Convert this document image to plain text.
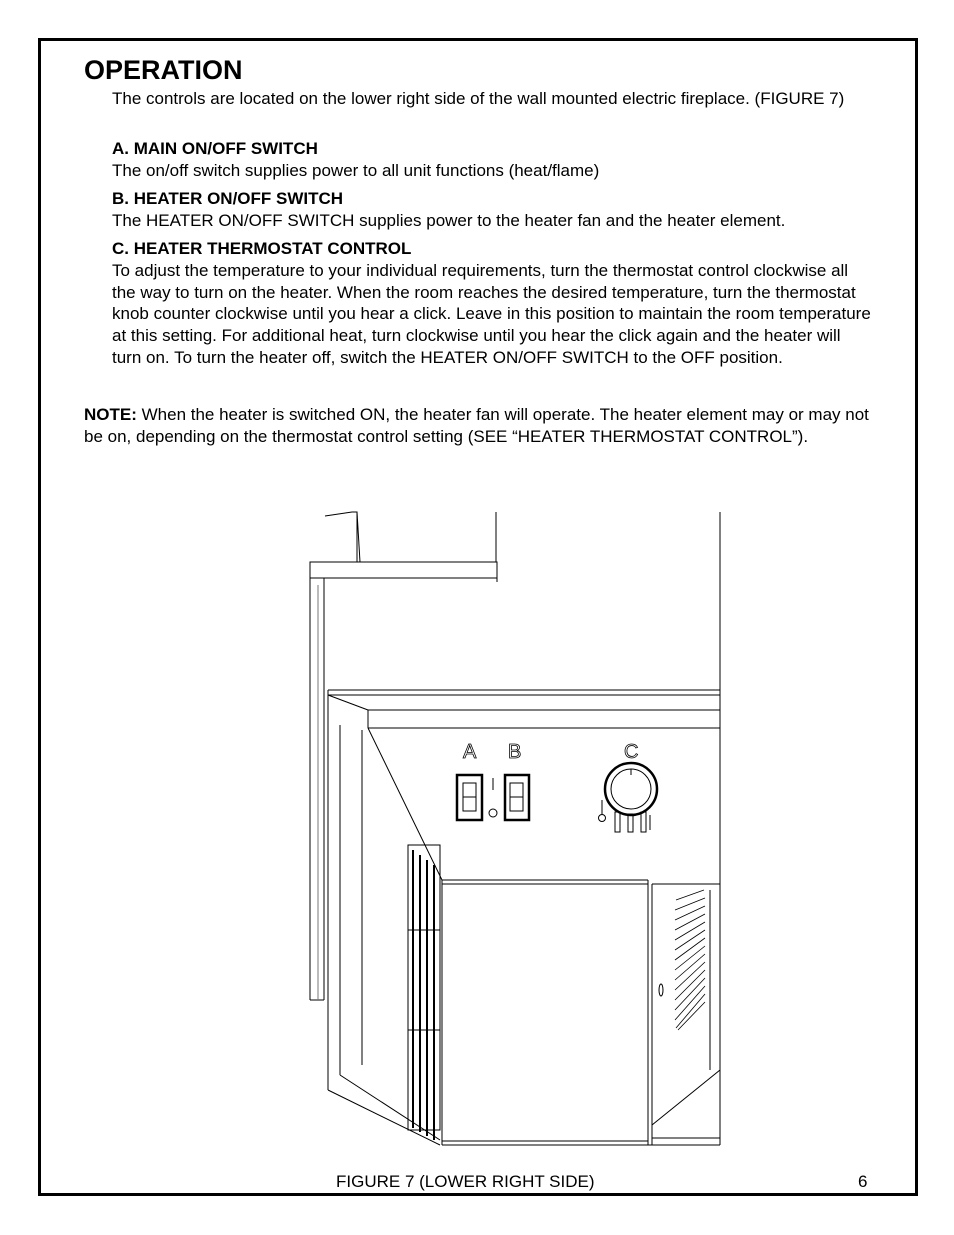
OPERATION

The controls are located on the lower right side of the wall mounted electric fireplace. (FIGURE 7)

A. MAIN ON/OFF SWITCH

The on/off switch supplies power to all unit functions (heat/flame)

B. HEATER ON/OFF SWITCH

The HEATER ON/OFF SWITCH supplies power to the heater fan and the heater element.

C. HEATER THERMOSTAT CONTROL

To adjust the temperature to your individual requirements, turn the thermostat control clockwise all the way to turn on the heater. When the room reaches the desired temperature, turn the thermostat knob counter clockwise until you hear a click. Leave in this position to maintain the room temperature at this setting. For additional heat, turn clockwise until you hear the click again and the heater will turn on. To turn the heater off, switch the HEATER ON/OFF SWITCH to the OFF position.

NOTE: When the heater is switched ON, the heater fan will operate. The heater element may or may not be on, depending on the thermostat control setting (SEE “HEATER THERMOSTAT CONTROL”).

A B	C
FIGURE 7 (LOWER RIGHT SIDE)	6
